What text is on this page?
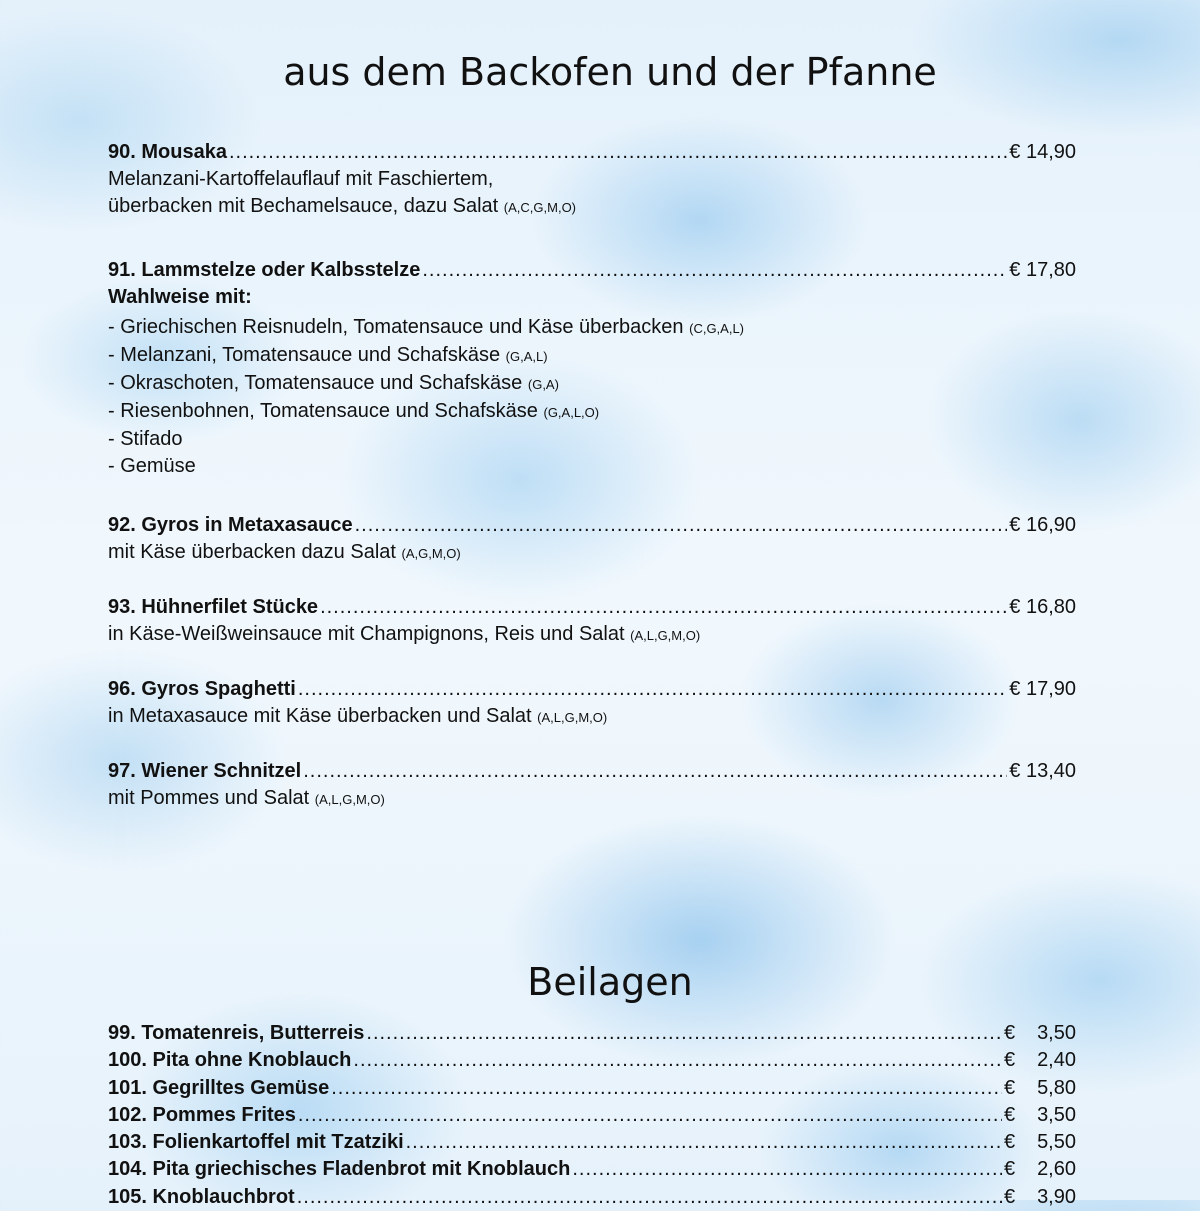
aus dem Backofen und der Pfanne
90. Mousaka .....	€ 14,90
Melanzani-Kartoffelauflauf mit Faschiertem,
überbacken mit Bechamelsauce, dazu Salat (A,C,G,M,O)
91. Lammstelze oder Kalbsstelze .....	€ 17,80
Wahlweise mit:
- Griechischen Reisnudeln, Tomatensauce und Käse überbacken (C,G,A,L)
- Melanzani, Tomatensauce und Schafskäse (G,A,L)
- Okraschoten, Tomatensauce und Schafskäse (G,A)
- Riesenbohnen, Tomatensauce und Schafskäse (G,A,L,O)
- Stifado
- Gemüse
92. Gyros in Metaxasauce .....	€ 16,90
mit Käse überbacken dazu Salat (A,G,M,O)
93. Hühnerfilet Stücke .....	€ 16,80
in Käse-Weißweinsauce mit Champignons, Reis und Salat (A,L,G,M,O)
96. Gyros Spaghetti .....	€ 17,90
in Metaxasauce mit Käse überbacken und Salat (A,L,G,M,O)
97. Wiener Schnitzel .....	€ 13,40
mit Pommes und Salat (A,L,G,M,O)
Beilagen
99. Tomatenreis, Butterreis .....	€ 3,50
100. Pita ohne Knoblauch .....	€ 2,40
101. Gegrilltes Gemüse .....	€ 5,80
102. Pommes Frites .....	€ 3,50
103. Folienkartoffel mit Tzatziki .....	€ 5,50
104. Pita griechisches Fladenbrot mit Knoblauch .....	€ 2,60
105. Knoblauchbrot .....	€ 3,90
